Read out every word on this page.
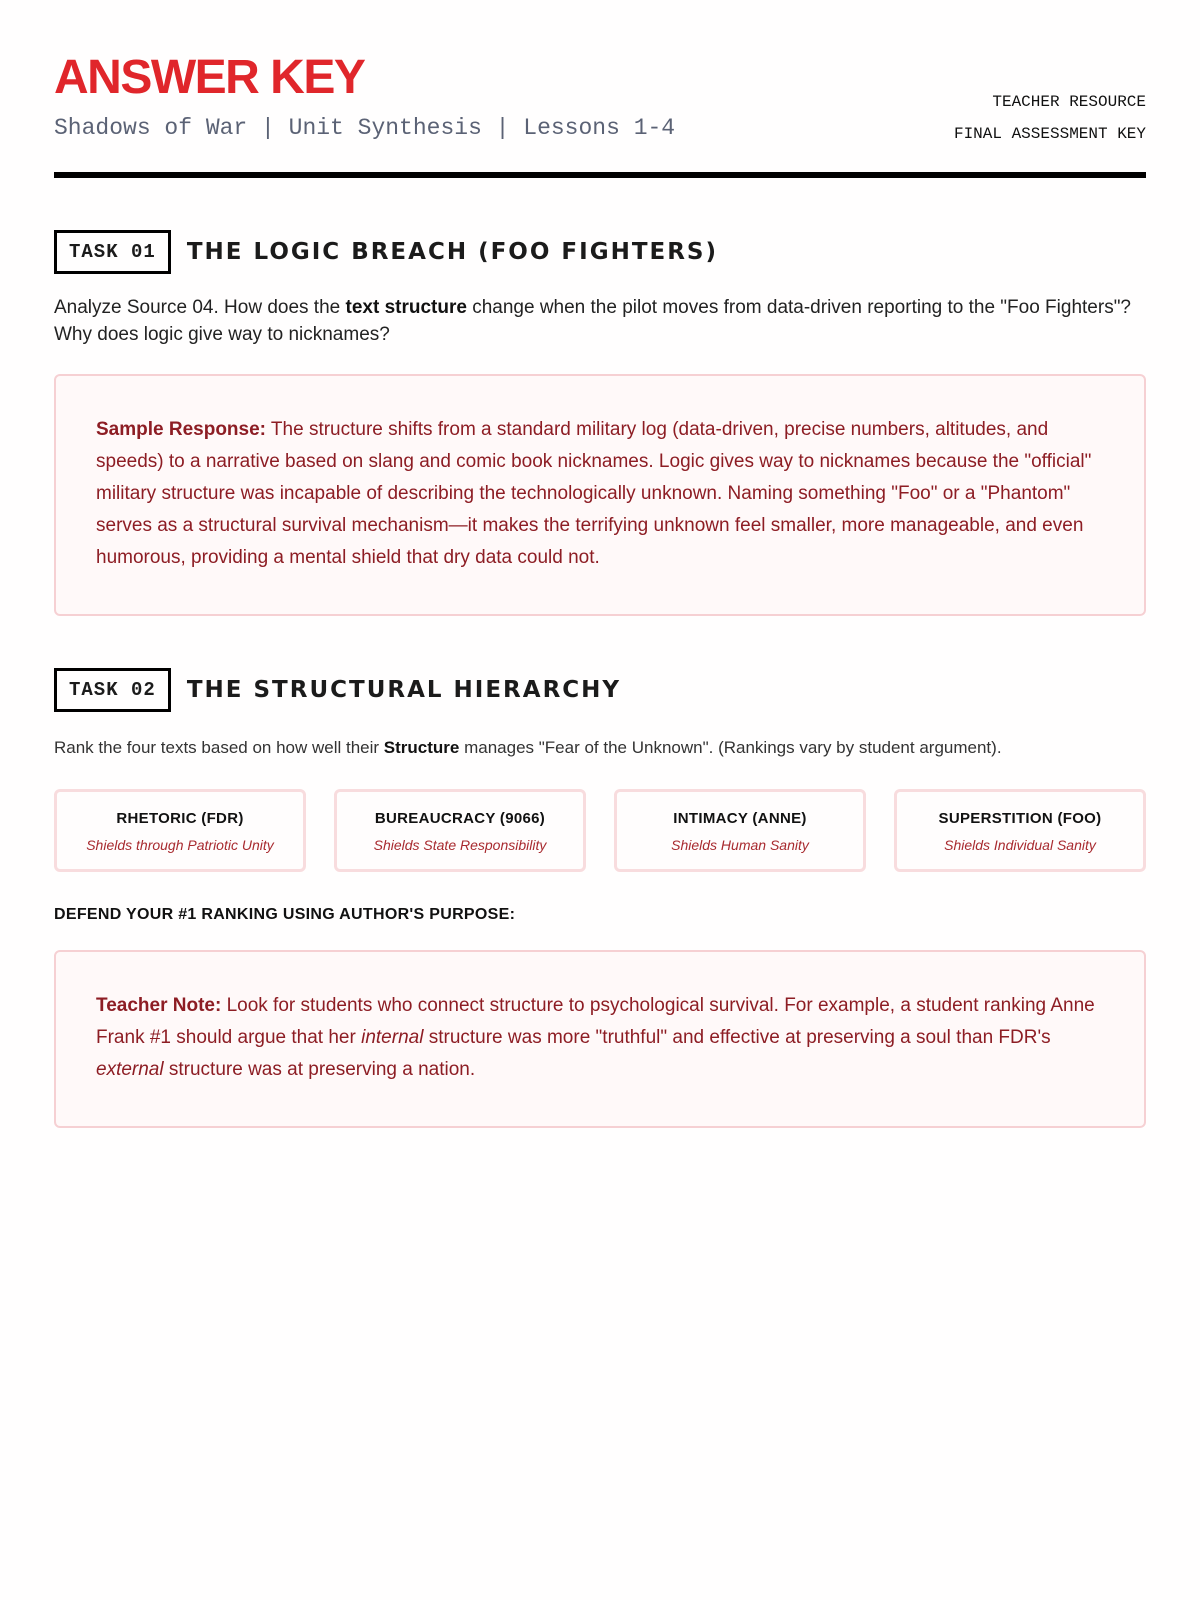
ANSWER KEY
Shadows of War | Unit Synthesis | Lessons 1-4
TEACHER RESOURCE
FINAL ASSESSMENT KEY
TASK 01	THE LOGIC BREACH (FOO FIGHTERS)
Analyze Source 04. How does the text structure change when the pilot moves from data-driven reporting to the "Foo Fighters"? Why does logic give way to nicknames?
Sample Response: The structure shifts from a standard military log (data-driven, precise numbers, altitudes, and speeds) to a narrative based on slang and comic book nicknames. Logic gives way to nicknames because the "official" military structure was incapable of describing the technologically unknown. Naming something "Foo" or a "Phantom" serves as a structural survival mechanism—it makes the terrifying unknown feel smaller, more manageable, and even humorous, providing a mental shield that dry data could not.
TASK 02	THE STRUCTURAL HIERARCHY
Rank the four texts based on how well their Structure manages "Fear of the Unknown". (Rankings vary by student argument).
RHETORIC (FDR)
Shields through Patriotic Unity
BUREAUCRACY (9066)
Shields State Responsibility
INTIMACY (ANNE)
Shields Human Sanity
SUPERSTITION (FOO)
Shields Individual Sanity
DEFEND YOUR #1 RANKING USING AUTHOR'S PURPOSE:
Teacher Note: Look for students who connect structure to psychological survival. For example, a student ranking Anne Frank #1 should argue that her internal structure was more "truthful" and effective at preserving a soul than FDR's external structure was at preserving a nation.
